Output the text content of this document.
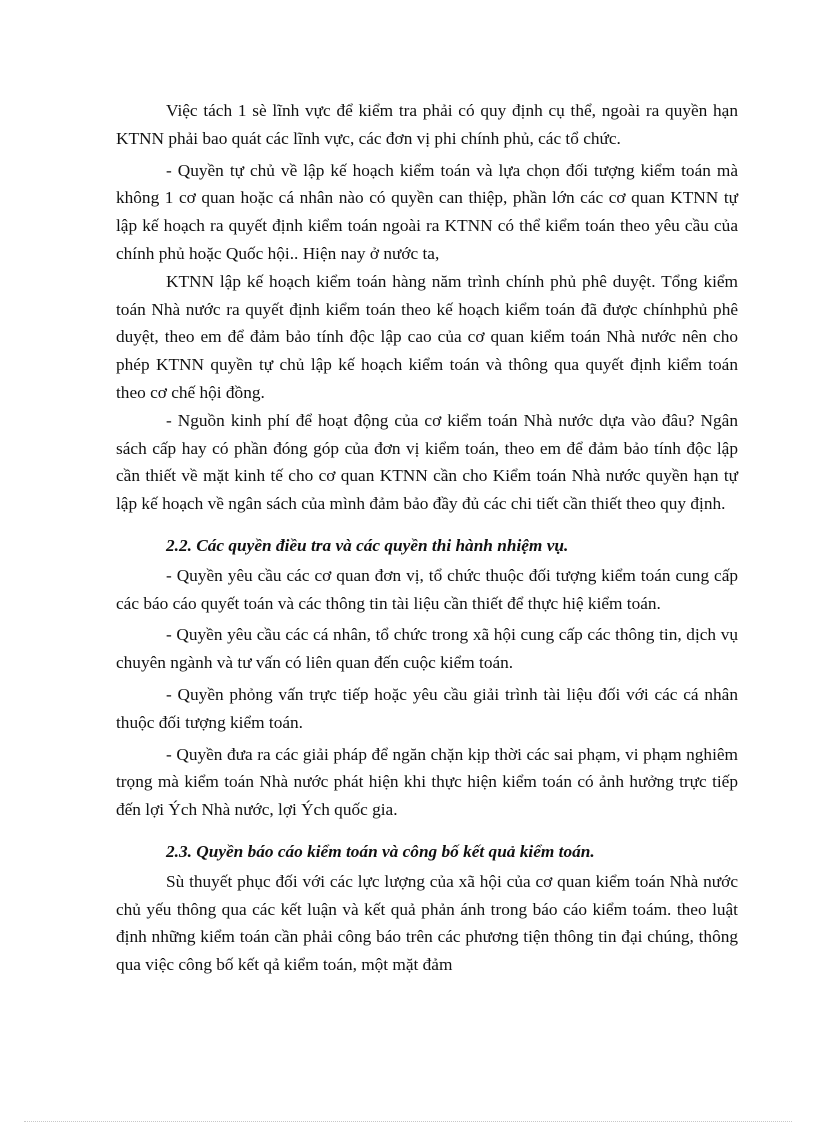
Việc tách 1 sè lĩnh vực để kiểm tra phải có quy định cụ thể, ngoài ra quyền hạn KTNN phải bao quát các lĩnh vực, các đơn vị phi chính phủ, các tổ chức.

- Quyền tự chủ về lập kế hoạch kiểm toán và lựa chọn đối tượng kiểm toán mà không 1 cơ quan hoặc cá nhân nào có quyền can thiệp, phần lớn các cơ quan KTNN tự lập kế hoạch ra quyết định kiểm toán ngoài ra KTNN có thể kiểm toán theo yêu cầu của chính phủ hoặc Quốc hội.. Hiện nay ở nước ta,

KTNN lập kế hoạch kiểm toán hàng năm trình chính phủ phê duyệt. Tổng kiểm toán Nhà nước ra quyết định kiểm toán theo kế hoạch kiểm toán đã được chínhphủ phê duyệt, theo em để đảm bảo tính độc lập cao của cơ quan kiểm toán Nhà nước nên cho phép KTNN quyền tự chủ lập kế hoạch kiểm toán và thông qua quyết định kiểm toán theo cơ chế hội đồng.

- Nguồn kinh phí để hoạt động của cơ kiểm toán Nhà nước dựa vào đâu? Ngân sách cấp hay có phần đóng góp của đơn vị kiểm toán, theo em để đảm bảo tính độc lập cần thiết về mặt kinh tế cho cơ quan KTNN cần cho Kiểm toán Nhà nước quyền hạn tự lập kế hoạch về ngân sách của mình đảm bảo đầy đủ các chi tiết cần thiết theo quy định.

2.2. Các quyền điều tra và các quyền thi hành nhiệm vụ.

- Quyền yêu cầu các cơ quan đơn vị, tổ chức thuộc đối tượng kiểm toán cung cấp các báo cáo quyết toán và các thông tin tài liệu cần thiết để thực hiệ kiểm toán.

- Quyền yêu cầu các cá nhân, tổ chức trong xã hội cung cấp các thông tin, dịch vụ chuyên ngành và tư vấn có liên quan đến cuộc kiểm toán.

- Quyền phỏng vấn trực tiếp hoặc yêu cầu giải trình tài liệu đối với các cá nhân thuộc đối tượng kiểm toán.

- Quyền đưa ra các giải pháp để ngăn chặn kịp thời các sai phạm, vi phạm nghiêm trọng mà kiểm toán Nhà nước phát hiện khi thực hiện kiểm toán có ảnh hưởng trực tiếp đến lợi Ých Nhà nước, lợi Ých quốc gia.

2.3. Quyền báo cáo kiểm toán và công bố kết quả kiểm toán.

Sù thuyết phục đối với các lực lượng của xã hội của cơ quan kiểm toán Nhà nước chủ yếu thông qua các kết luận và kết quả phản ánh trong báo cáo kiểm toám. theo luật định những kiểm toán cần phải công báo trên các phương tiện thông tin đại chúng, thông qua việc công bố kết qả kiểm toán, một mặt đảm
